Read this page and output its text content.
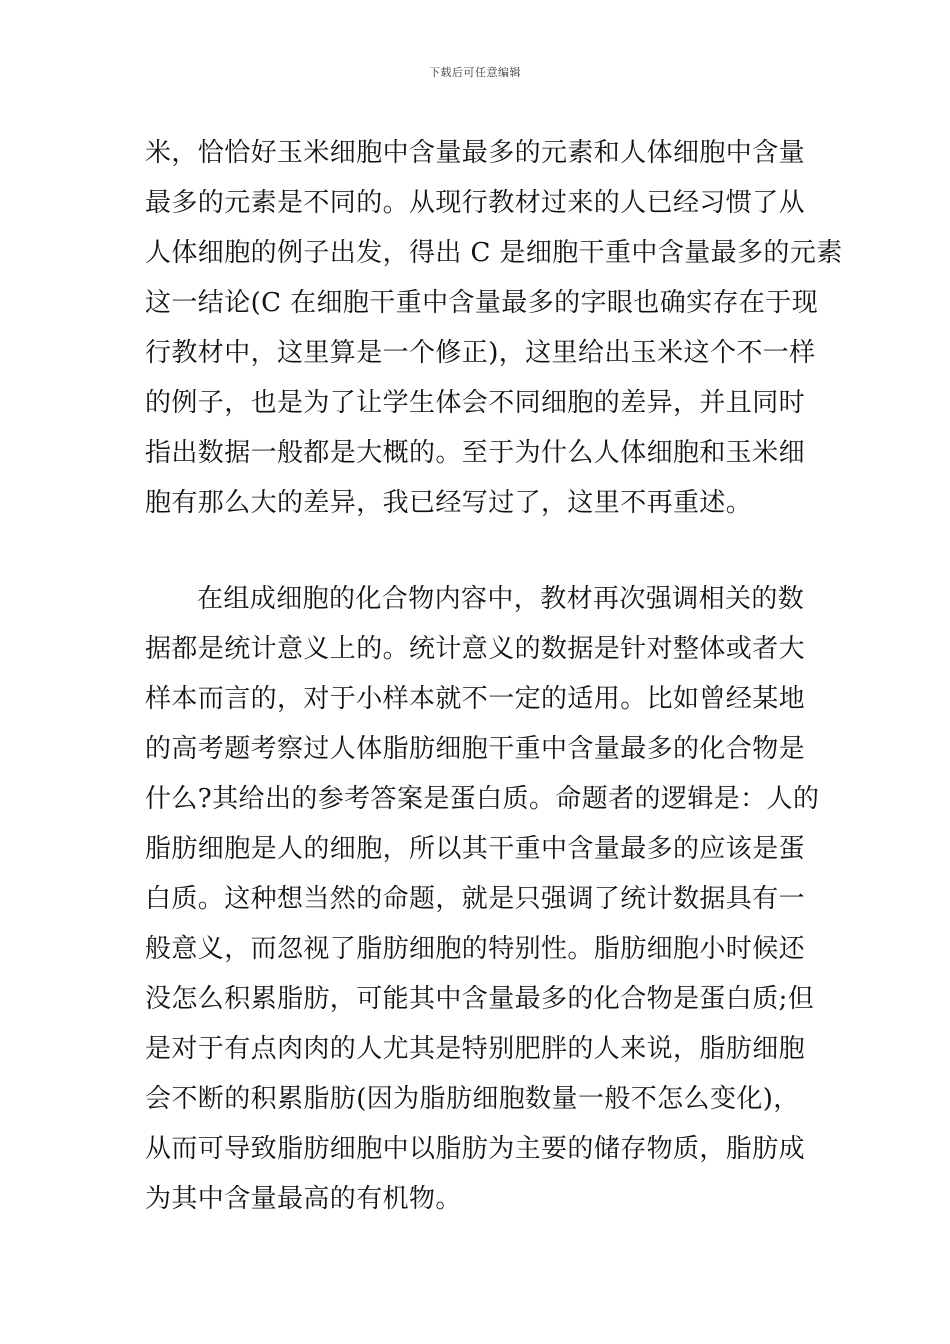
下载后可任意编辑
米，恰恰好玉米细胞中含量最多的元素和人体细胞中含量
最多的元素是不同的。从现行教材过来的人已经习惯了从
人体细胞的例子出发，得出 C 是细胞干重中含量最多的元素
这一结论(C 在细胞干重中含量最多的字眼也确实存在于现
行教材中，这里算是一个修正)，这里给出玉米这个不一样
的例子，也是为了让学生体会不同细胞的差异，并且同时
指出数据一般都是大概的。至于为什么人体细胞和玉米细
胞有那么大的差异，我已经写过了，这里不再重述。
在组成细胞的化合物内容中，教材再次强调相关的数
据都是统计意义上的。统计意义的数据是针对整体或者大
样本而言的，对于小样本就不一定的适用。比如曾经某地
的高考题考察过人体脂肪细胞干重中含量最多的化合物是
什么?其给出的参考答案是蛋白质。命题者的逻辑是：人的
脂肪细胞是人的细胞，所以其干重中含量最多的应该是蛋
白质。这种想当然的命题，就是只强调了统计数据具有一
般意义，而忽视了脂肪细胞的特别性。脂肪细胞小时候还
没怎么积累脂肪，可能其中含量最多的化合物是蛋白质;但
是对于有点肉肉的人尤其是特别肥胖的人来说，脂肪细胞
会不断的积累脂肪(因为脂肪细胞数量一般不怎么变化)，
从而可导致脂肪细胞中以脂肪为主要的储存物质，脂肪成
为其中含量最高的有机物。
